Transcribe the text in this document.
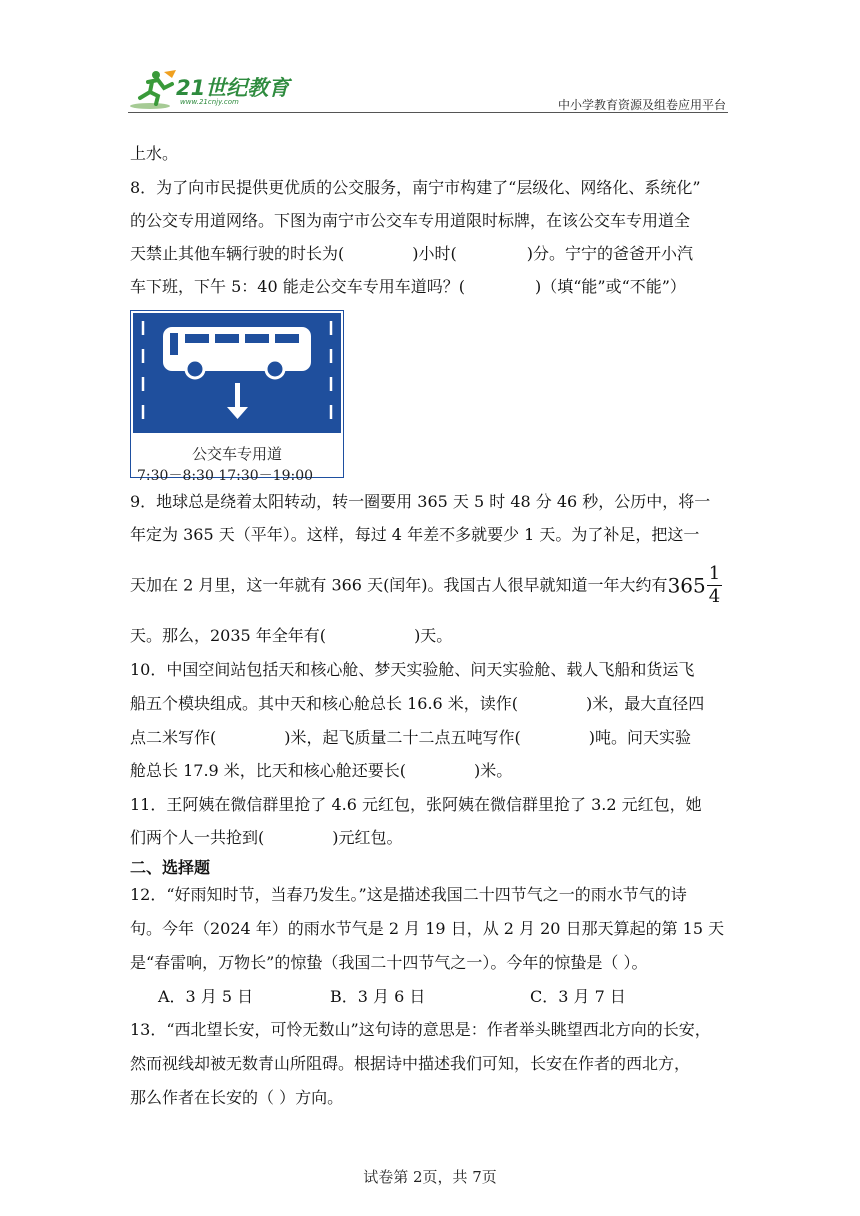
21世纪教育
www.21cnjy.com	中小学教育资源及组卷应用平台
上水。
8．为了向市民提供更优质的公交服务，南宁市构建了“层级化、网络化、系统化”
的公交专用道网络。下图为南宁市公交车专用道限时标牌，在该公交车专用道全
天禁止其他车辆行驶的时长为(	)小时(	)分。宁宁的爸爸开小汽
车下班，下午 5：40 能走公交车专用车道吗？(	)（填“能”或“不能”）
公交车专用道
7:30－8:30 17:30－19:00
9．地球总是绕着太阳转动，转一圈要用 365 天 5 时 48 分 46 秒，公历中，将一
年定为 365 天（平年）。这样，每过 4 年差不多就要少 1 天。为了补足，把这一
天加在 2 月里，这一年就有 366 天(闰年)。我国古人很早就知道一年大约有$365 \frac{1}{4}$
天。那么，2035 年全年有(	)天。
10．中国空间站包括天和核心舱、梦天实验舱、问天实验舱、载人飞船和货运飞
船五个模块组成。其中天和核心舱总长 16.6 米，读作(	)米，最大直径四
点二米写作(	)米，起飞质量二十二点五吨写作(	)吨。问天实验
舱总长 17.9 米，比天和核心舱还要长(	)米。
11．王阿姨在微信群里抢了 4.6 元红包，张阿姨在微信群里抢了 3.2 元红包，她
们两个人一共抢到(	)元红包。
二、选择题
12．“好雨知时节，当春乃发生。”这是描述我国二十四节气之一的雨水节气的诗
句。今年（2024 年）的雨水节气是 2 月 19 日，从 2 月 20 日那天算起的第 15 天
是“春雷响，万物长”的惊蛰（我国二十四节气之一）。今年的惊蛰是（ ）。
A．3 月 5 日	B．3 月 6 日	C．3 月 7 日
13．“西北望长安，可怜无数山”这句诗的意思是：作者举头眺望西北方向的长安，
然而视线却被无数青山所阻碍。根据诗中描述我们可知，长安在作者的西北方，
那么作者在长安的（ ）方向。
试卷第 2页，共 7页
